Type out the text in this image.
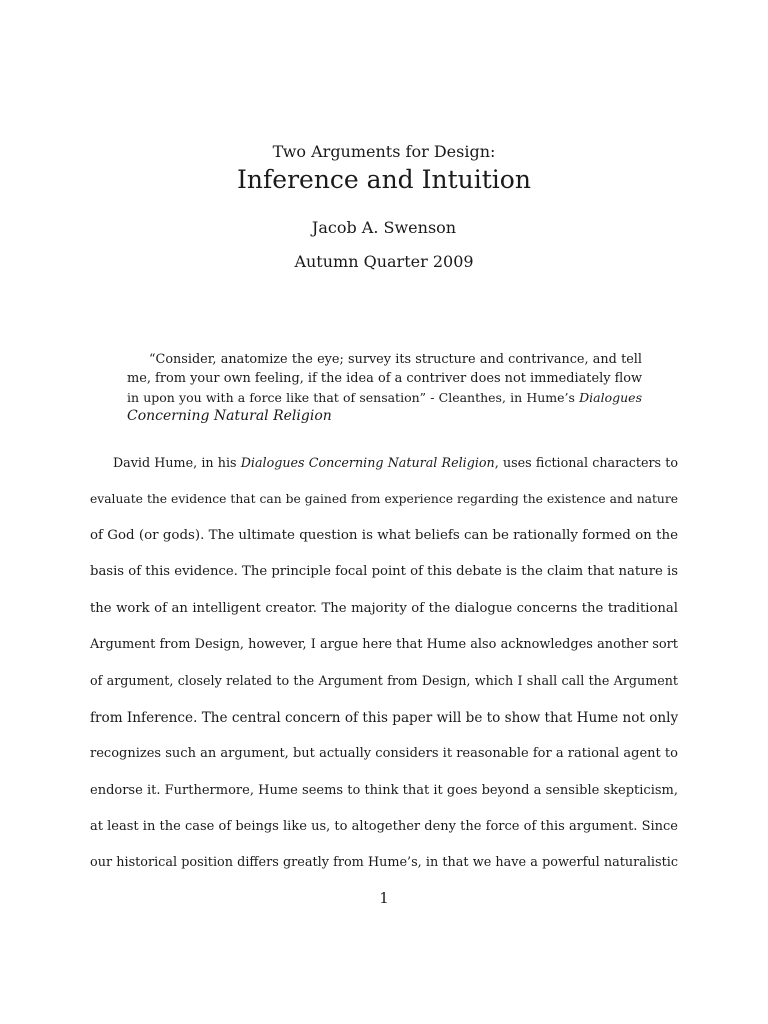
Two Arguments for Design:
Inference and Intuition
Jacob A. Swenson
Autumn Quarter 2009
“Consider, anatomize the eye; survey its structure and contrivance, and tell
me, from your own feeling, if the idea of a contriver does not immediately flow
in upon you with a force like that of sensation” - Cleanthes, in Hume’s Dialogues
Concerning Natural Religion
David Hume, in his Dialogues Concerning Natural Religion, uses fictional characters to
evaluate the evidence that can be gained from experience regarding the existence and nature
of God (or gods). The ultimate question is what beliefs can be rationally formed on the
basis of this evidence. The principle focal point of this debate is the claim that nature is
the work of an intelligent creator. The majority of the dialogue concerns the traditional
Argument from Design, however, I argue here that Hume also acknowledges another sort
of argument, closely related to the Argument from Design, which I shall call the Argument
from Inference. The central concern of this paper will be to show that Hume not only
recognizes such an argument, but actually considers it reasonable for a rational agent to
endorse it. Furthermore, Hume seems to think that it goes beyond a sensible skepticism,
at least in the case of beings like us, to altogether deny the force of this argument. Since
our historical position differs greatly from Hume’s, in that we have a powerful naturalistic
1
